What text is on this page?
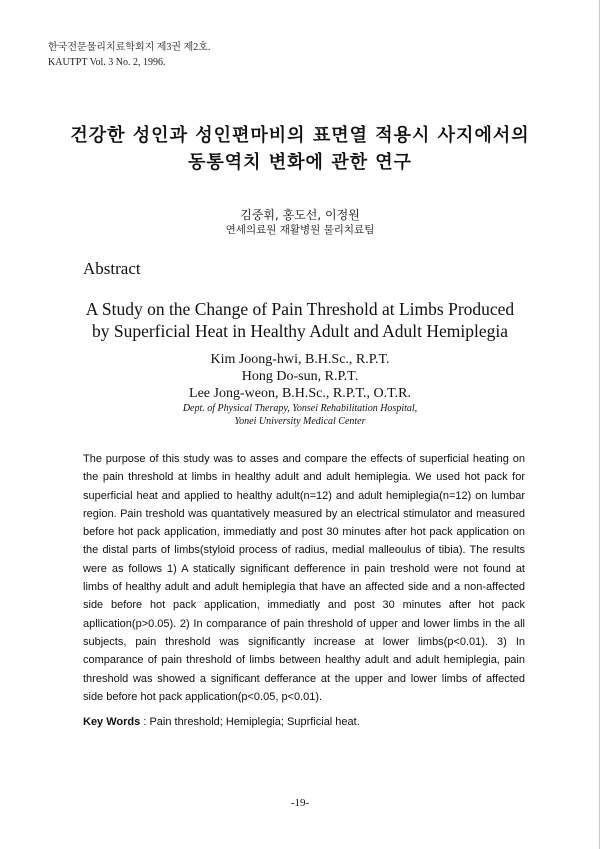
한국전문물리치료학회지 제3권 제2호.
KAUTPT Vol. 3 No. 2, 1996.
건강한 성인과 성인편마비의 표면열 적용시 사지에서의
동통역치 변화에 관한 연구
김중휘, 홍도선, 이정원
연세의료원 재활병원 물리치료팀
Abstract
A Study on the Change of Pain Threshold at Limbs Produced
by Superficial Heat in Healthy Adult and Adult Hemiplegia
Kim Joong-hwi, B.H.Sc., R.P.T.
Hong Do-sun, R.P.T.
Lee Jong-weon, B.H.Sc., R.P.T., O.T.R.
Dept. of Physical Therapy, Yonsei Rehabilitation Hospital,
Yonei University Medical Center
The purpose of this study was to asses and compare the effects of superficial heating on the pain threshold at limbs in healthy adult and adult hemiplegia. We used hot pack for superficial heat and applied to healthy adult(n=12) and adult hemiplegia(n=12) on lumbar region. Pain treshold was quantatively measured by an electrical stimulator and measured before hot pack application, immediatly and post 30 minutes after hot pack application on the distal parts of limbs(styloid process of radius, medial malleoulus of tibia). The results were as follows 1) A statically significant defference in pain treshold were not found at limbs of healthy adult and adult hemiplegia that have an affected side and a non-affected side before hot pack application, immediatly and post 30 minutes after hot pack apllication(p>0.05). 2) In comparance of pain threshold of upper and lower limbs in the all subjects, pain threshold was significantly increase at lower limbs(p<0.01). 3) In comparance of pain threshold of limbs between healthy adult and adult hemiplegia, pain threshold was showed a significant defferance at the upper and lower limbs of affected side before hot pack application(p<0.05, p<0.01).
Key Words : Pain threshold; Hemiplegia; Suprficial heat.
-19-
